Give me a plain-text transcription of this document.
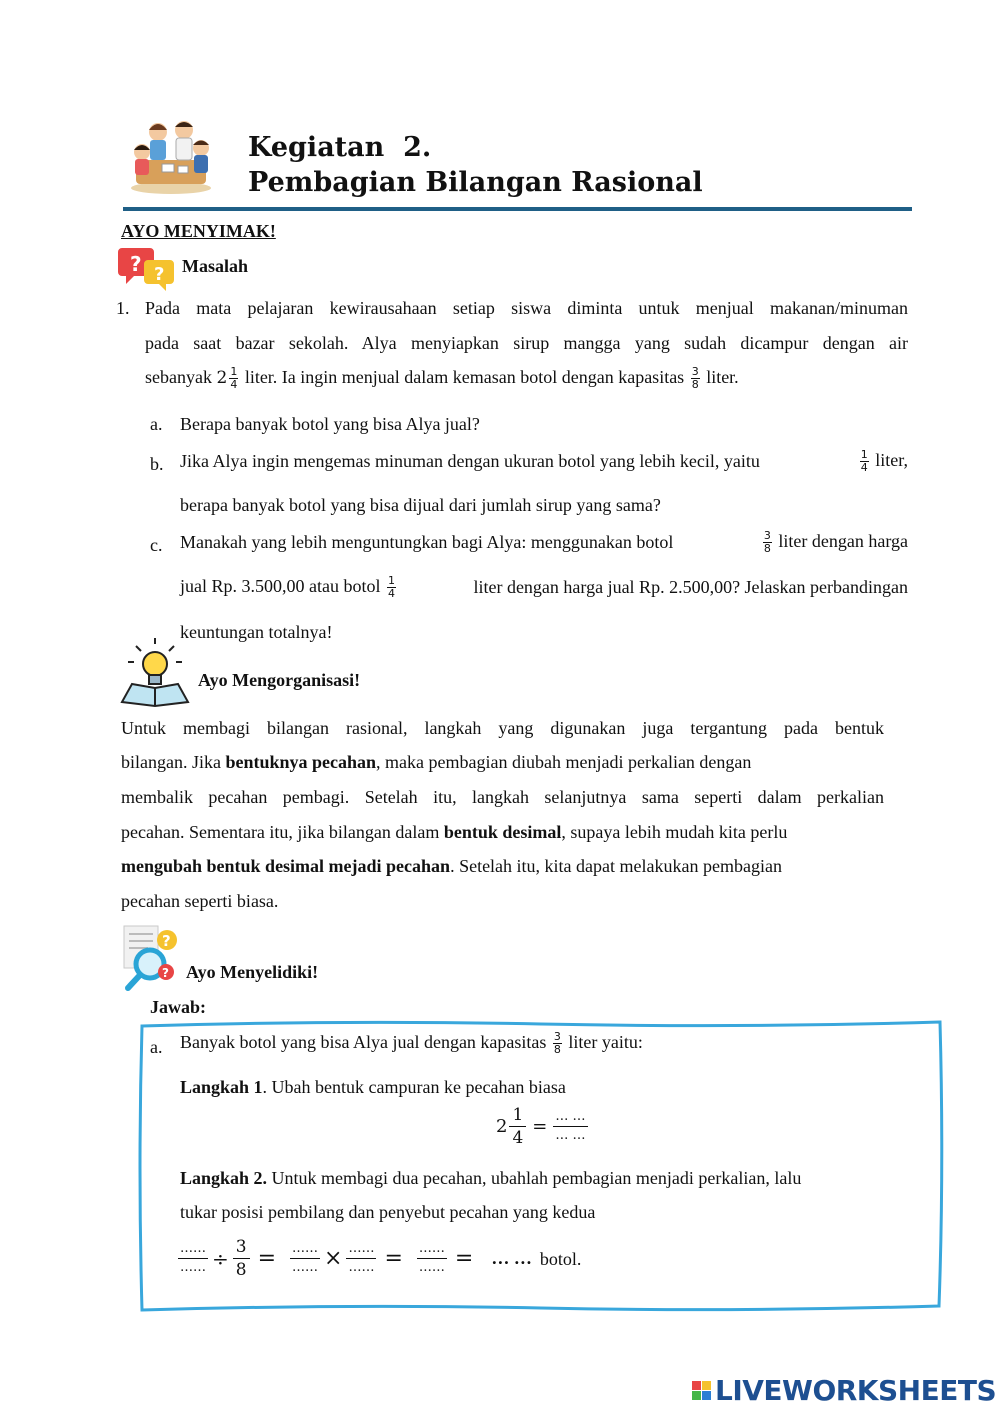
Kegiatan  2.
Pembagian Bilangan Rasional
AYO MENYIMAK!
? ? Masalah
1. Pada mata pelajaran kewirausahaan setiap siswa diminta untuk menjual makanan/minuman
pada saat bazar sekolah. Alya menyiapkan sirup mangga yang sudah dicampur dengan air
sebanyak $2 \frac{1}{4}$ liter. Ia ingin menjual dalam kemasan botol dengan kapasitas $\frac{3}{8}$ liter.
a. Berapa banyak botol yang bisa Alya jual?
b. Jika Alya ingin mengemas minuman dengan ukuran botol yang lebih kecil, yaitu	$\frac{1}{4}$ liter,
berapa banyak botol yang bisa dijual dari jumlah sirup yang sama?
c. Manakah yang lebih menguntungkan bagi Alya: menggunakan botol	$\frac{3}{8}$ liter dengan harga
jual Rp. 3.500,00 atau botol $\frac{1}{4}$	liter dengan harga jual Rp. 2.500,00? Jelaskan perbandingan
keuntungan totalnya!
Ayo Mengorganisasi!
Untuk membagi bilangan rasional, langkah yang digunakan juga tergantung pada bentuk
bilangan. Jika bentuknya pecahan, maka pembagian diubah menjadi perkalian dengan
membalik pecahan pembagi. Setelah itu, langkah selanjutnya sama seperti dalam perkalian
pecahan. Sementara itu, jika bilangan dalam bentuk desimal, supaya lebih mudah kita perlu
mengubah bentuk desimal mejadi pecahan. Setelah itu, kita dapat melakukan pembagian
pecahan seperti biasa.
?
? Ayo Menyelidiki!
Jawab:
a. Banyak botol yang bisa Alya jual dengan kapasitas $\frac{3}{8}$ liter yaitu:
Langkah 1. Ubah bentuk campuran ke pecahan biasa
$2 \frac{1}{4} = \frac{\dots \dots}{\dots \dots}$
Langkah 2. Untuk membagi dua pecahan, ubahlah pembagian menjadi perkalian, lalu
tukar posisi pembilang dan penyebut pecahan yang kedua
$\frac{\dots\dots}{\dots\dots} \div \frac{3}{8} = \frac{\dots\dots}{\dots\dots} \times \frac{\dots\dots}{\dots\dots} = \frac{\dots\dots}{\dots\dots}$ = … … botol.
LIVEWORKSHEETS
